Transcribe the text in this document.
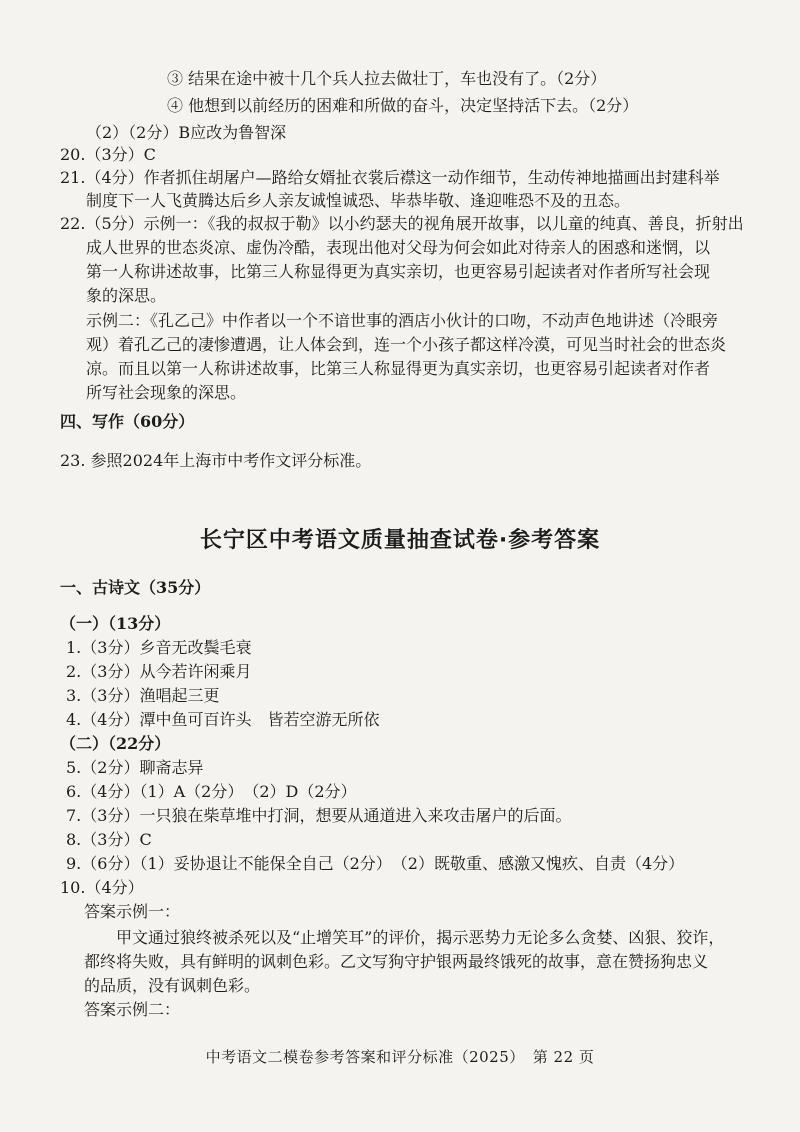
③ 结果在途中被十几个兵人拉去做壮丁，车也没有了。（2分）
④ 他想到以前经历的困难和所做的奋斗，决定坚持活下去。（2分）
（2）（2分）B应改为鲁智深
20.（3分）C
21.（4分）作者抓住胡屠户—路给女婿扯衣裳后襟这一动作细节，生动传神地描画出封建科举
制度下一人飞黄腾达后乡人亲友诚惶诚恐、毕恭毕敬、逢迎唯恐不及的丑态。
22.（5分）示例一：《我的叔叔于勒》以小约瑟夫的视角展开故事，以儿童的纯真、善良，折射出
成人世界的世态炎凉、虚伪冷酷，表现出他对父母为何会如此对待亲人的困惑和迷惘，以
第一人称讲述故事，比第三人称显得更为真实亲切，也更容易引起读者对作者所写社会现
象的深思。
示例二：《孔乙己》中作者以一个不谙世事的酒店小伙计的口吻，不动声色地讲述（冷眼旁
观）着孔乙己的凄惨遭遇，让人体会到，连一个小孩子都这样冷漠，可见当时社会的世态炎
凉。而且以第一人称讲述故事，比第三人称显得更为真实亲切，也更容易引起读者对作者
所写社会现象的深思。
四、写作（60分）
23. 参照2024年上海市中考作文评分标准。
长宁区中考语文质量抽查试卷·参考答案
一、古诗文（35分）
（一）（13分）
1.（3分）乡音无改鬓毛衰
2.（3分）从今若许闲乘月
3.（3分）渔唱起三更
4.（4分）潭中鱼可百许头　皆若空游无所依
（二）（22分）
5.（2分）聊斋志异
6.（4分）（1）A（2分）　（2）D（2分）
7.（3分）一只狼在柴草堆中打洞，想要从通道进入来攻击屠户的后面。
8.（3分）C
9.（6分）（1）妥协退让不能保全自己（2分）　（2）既敬重、感激又愧疚、自责（4分）
10.（4分）
答案示例一：
甲文通过狼终被杀死以及“止增笑耳”的评价，揭示恶势力无论多么贪婪、凶狠、狡诈，
都终将失败，具有鲜明的讽刺色彩。乙文写狗守护银两最终饿死的故事，意在赞扬狗忠义
的品质，没有讽刺色彩。
答案示例二：
中考语文二模卷参考答案和评分标准（2025）　第 22 页
